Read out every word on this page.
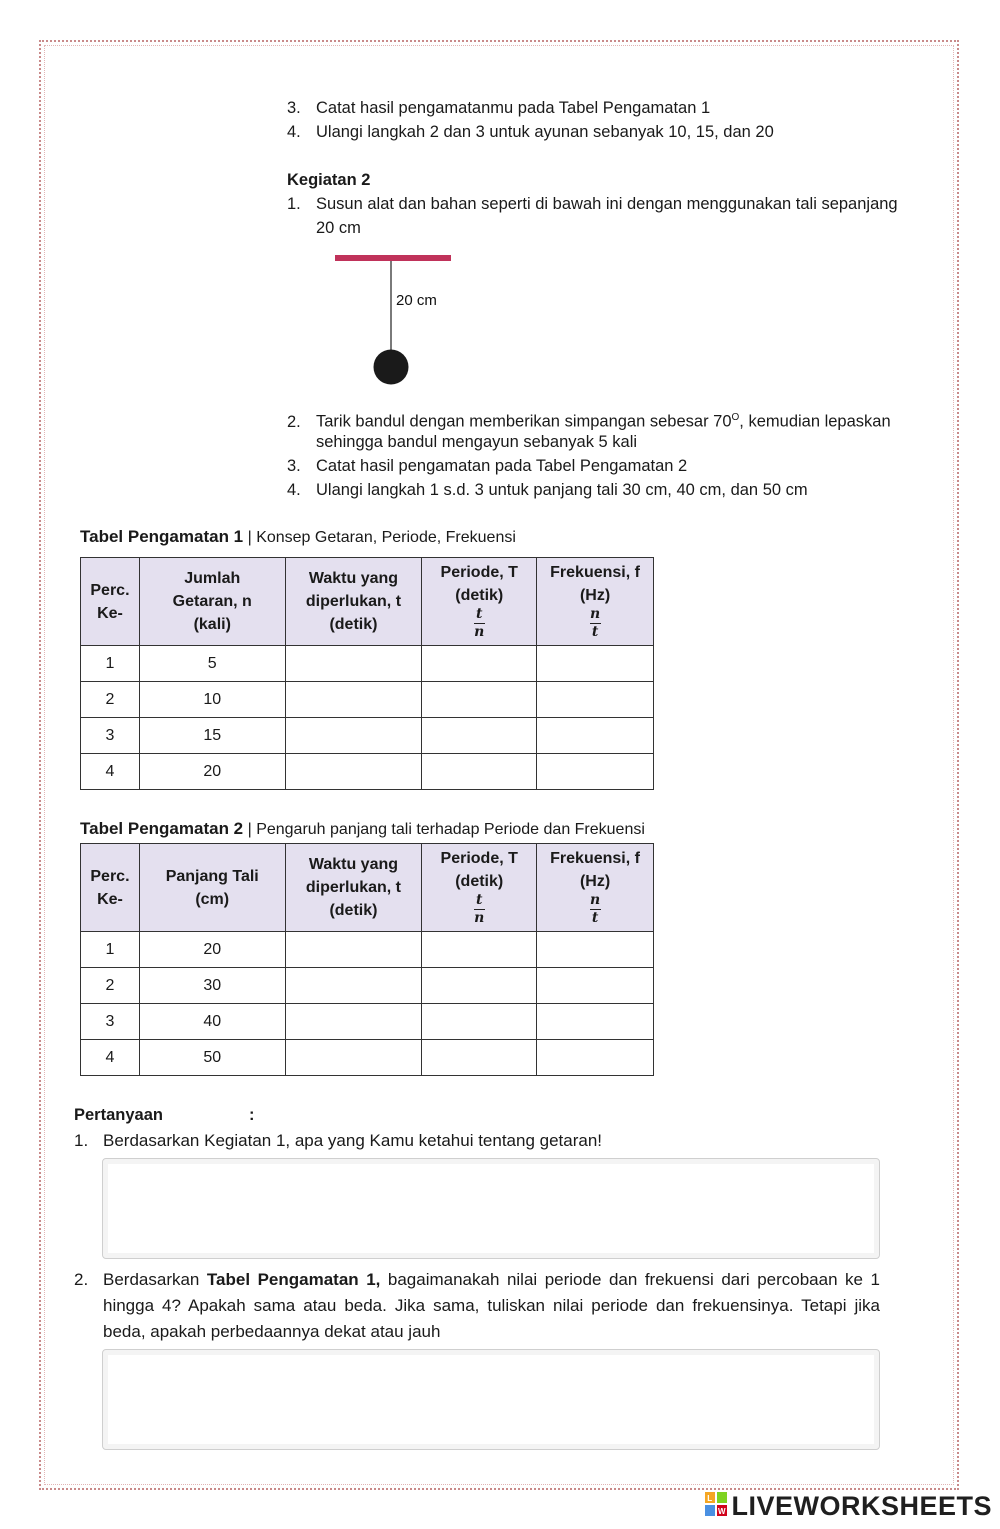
3. Catat hasil pengamatanmu pada Tabel Pengamatan 1
4. Ulangi langkah 2 dan 3 untuk ayunan sebanyak 10, 15, dan 20
Kegiatan 2
1. Susun alat dan bahan seperti di bawah ini dengan menggunakan tali sepanjang
20 cm
20 cm
2. Tarik bandul dengan memberikan simpangan sebesar $70^O$, kemudian lepaskan
sehingga bandul mengayun sebanyak 5 kali
3. Catat hasil pengamatan pada Tabel Pengamatan 2
4. Ulangi langkah 1 s.d. 3 untuk panjang tali 30 cm, 40 cm, dan 50 cm
Tabel Pengamatan 1 | Konsep Getaran, Periode, Frekuensi
Perc.
Ke-	Jumlah
Getaran, n
(kali)	Waktu yang
diperlukan, t
(detik)	Periode, T
(detik)
$\frac{t}{n}$	Frekuensi, f
(Hz)
$\frac{n}{t}$
1	5			
2	10			
3	15			
4	20			
Tabel Pengamatan 2 | Pengaruh panjang tali terhadap Periode dan Frekuensi
Perc.
Ke-	Panjang Tali
(cm)	Waktu yang
diperlukan, t
(detik)	Periode, T
(detik)
$\frac{t}{n}$	Frekuensi, f
(Hz)
$\frac{n}{t}$
1	20			
2	30			
3	40			
4	50			
Pertanyaan	:
1. Berdasarkan Kegiatan 1, apa yang Kamu ketahui tentang getaran!
2. Berdasarkan Tabel Pengamatan 1, bagaimanakah nilai periode dan frekuensi dari percobaan ke 1 hingga 4? Apakah sama atau beda. Jika sama, tuliskan nilai periode dan frekuensinya. Tetapi jika beda, apakah perbedaannya dekat atau jauh
L
W LIVEWORKSHEETS
